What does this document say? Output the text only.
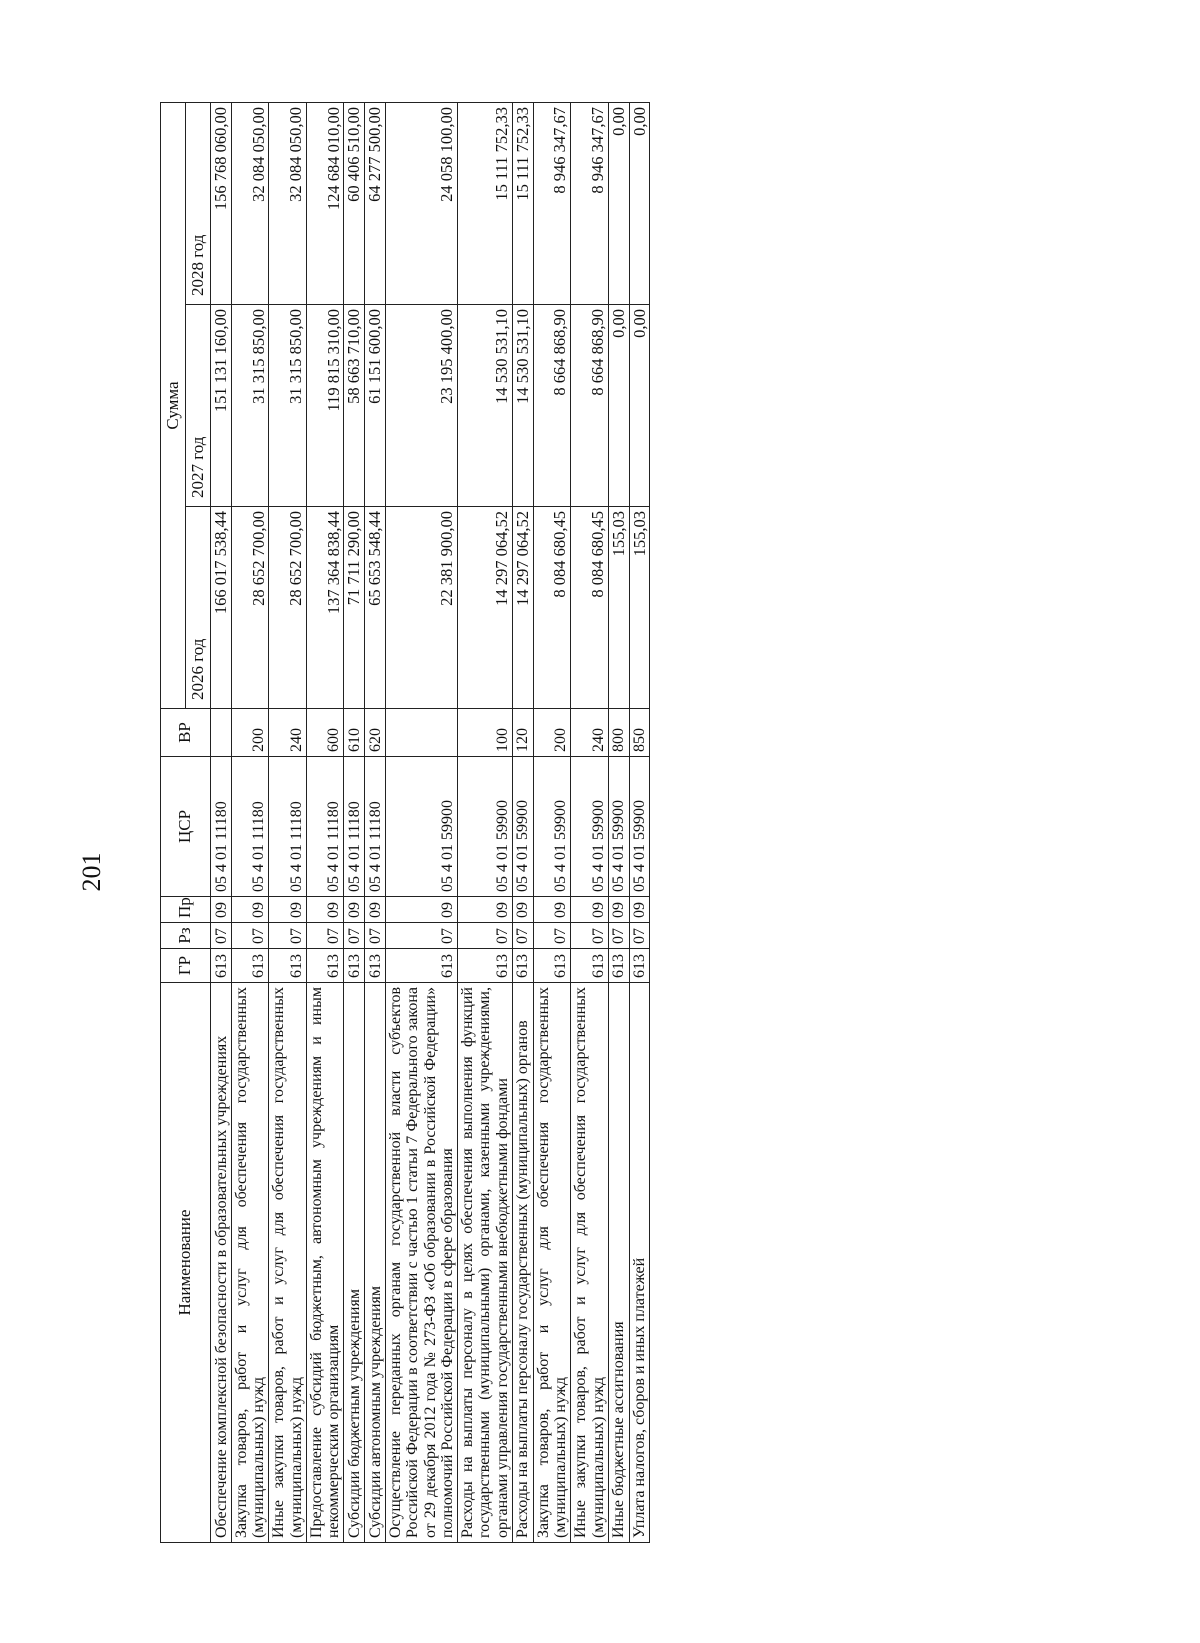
201
Наименование	ГР	Рз	Пр	ЦСР	ВР	Сумма		
						2026 год	2027 год	2028 год
Обеспечение комплексной безопасности в образовательных учреждениях	613	07	09	05 4 01 11180		166 017 538,44	151 131 160,00	156 768 060,00
Закупка товаров, работ и услуг для обеспечения государственных (муниципальных) нужд	613	07	09	05 4 01 11180	200	28 652 700,00	31 315 850,00	32 084 050,00
Иные закупки товаров, работ и услуг для обеспечения государственных (муниципальных) нужд	613	07	09	05 4 01 11180	240	28 652 700,00	31 315 850,00	32 084 050,00
Предоставление субсидий бюджетным, автономным учреждениям и иным некоммерческим организациям	613	07	09	05 4 01 11180	600	137 364 838,44	119 815 310,00	124 684 010,00
Субсидии бюджетным учреждениям	613	07	09	05 4 01 11180	610	71 711 290,00	58 663 710,00	60 406 510,00
Субсидии автономным учреждениям	613	07	09	05 4 01 11180	620	65 653 548,44	61 151 600,00	64 277 500,00
Осуществление переданных органам государственной власти субъектов Российской Федерации в соответствии с частью 1 статьи 7 Федерального закона от 29 декабря 2012 года № 273-ФЗ «Об образовании в Российской Федерации» полномочий Российской Федерации в сфере образования	613	07	09	05 4 01 59900		22 381 900,00	23 195 400,00	24 058 100,00
Расходы на выплаты персоналу в целях обеспечения выполнения функций государственными (муниципальными) органами, казенными учреждениями, органами управления государственными внебюджетными фондами	613	07	09	05 4 01 59900	100	14 297 064,52	14 530 531,10	15 111 752,33
Расходы на выплаты персоналу государственных (муниципальных) органов	613	07	09	05 4 01 59900	120	14 297 064,52	14 530 531,10	15 111 752,33
Закупка товаров, работ и услуг для обеспечения государственных (муниципальных) нужд	613	07	09	05 4 01 59900	200	8 084 680,45	8 664 868,90	8 946 347,67
Иные закупки товаров, работ и услуг для обеспечения государственных (муниципальных) нужд	613	07	09	05 4 01 59900	240	8 084 680,45	8 664 868,90	8 946 347,67
Иные бюджетные ассигнования	613	07	09	05 4 01 59900	800	155,03	0,00	0,00
Уплата налогов, сборов и иных платежей	613	07	09	05 4 01 59900	850	155,03	0,00	0,00
